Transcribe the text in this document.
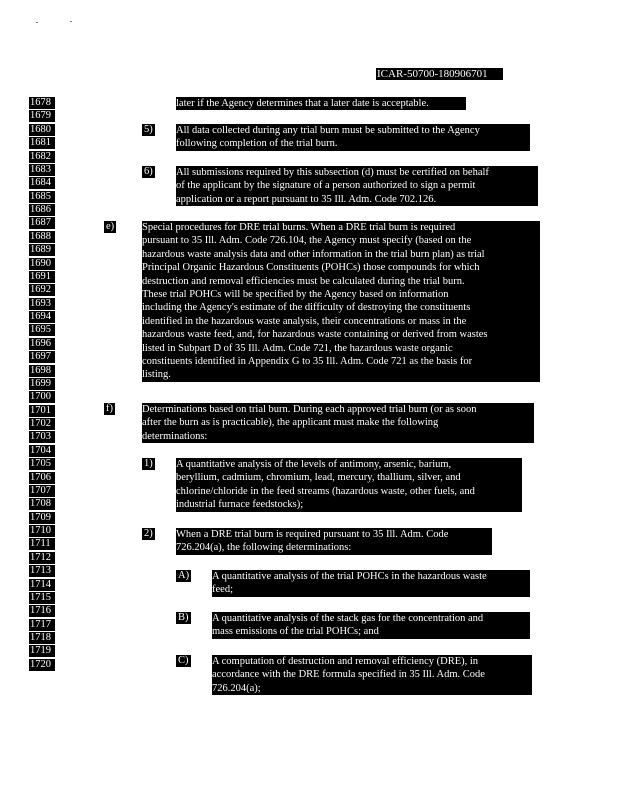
ICAR-50700-180906701
1678
1679
1680
1681
1682
1683
1684
1685
1686
1687
1688
1689
1690
1691
1692
1693
1694
1695
1696
1697
1698
1699
1700
1701
1702
1703
1704
1705
1706
1707
1708
1709
1710
1711
1712
1713
1714
1715
1716
1717
1718
1719
1720
later if the Agency determines that a later date is acceptable.
5) All data collected during any trial burn must be submitted to the Agency
following completion of the trial burn.
6) All submissions required by this subsection (d) must be certified on behalf
of the applicant by the signature of a person authorized to sign a permit
application or a report pursuant to 35 Ill. Adm. Code 702.126.
e)	Special procedures for DRE trial burns. When a DRE trial burn is required
pursuant to 35 Ill. Adm. Code 726.104, the Agency must specify (based on the
hazardous waste analysis data and other information in the trial burn plan) as trial
Principal Organic Hazardous Constituents (POHCs) those compounds for which
destruction and removal efficiencies must be calculated during the trial burn.
These trial POHCs will be specified by the Agency based on information
including the Agency's estimate of the difficulty of destroying the constituents
identified in the hazardous waste analysis, their concentrations or mass in the
hazardous waste feed, and, for hazardous waste containing or derived from wastes
listed in Subpart D of 35 Ill. Adm. Code 721, the hazardous waste organic
constituents identified in Appendix G to 35 Ill. Adm. Code 721 as the basis for
listing.
f)	Determinations based on trial burn. During each approved trial burn (or as soon
after the burn as is practicable), the applicant must make the following
determinations:
1) A quantitative analysis of the levels of antimony, arsenic, barium,
beryllium, cadmium, chromium, lead, mercury, thallium, silver, and
chlorine/chloride in the feed streams (hazardous waste, other fuels, and
industrial furnace feedstocks);
2) When a DRE trial burn is required pursuant to 35 Ill. Adm. Code
726.204(a), the following determinations:
A) A quantitative analysis of the trial POHCs in the hazardous waste
feed;
B) A quantitative analysis of the stack gas for the concentration and
mass emissions of the trial POHCs; and
C) A computation of destruction and removal efficiency (DRE), in
accordance with the DRE formula specified in 35 Ill. Adm. Code
726.204(a);
